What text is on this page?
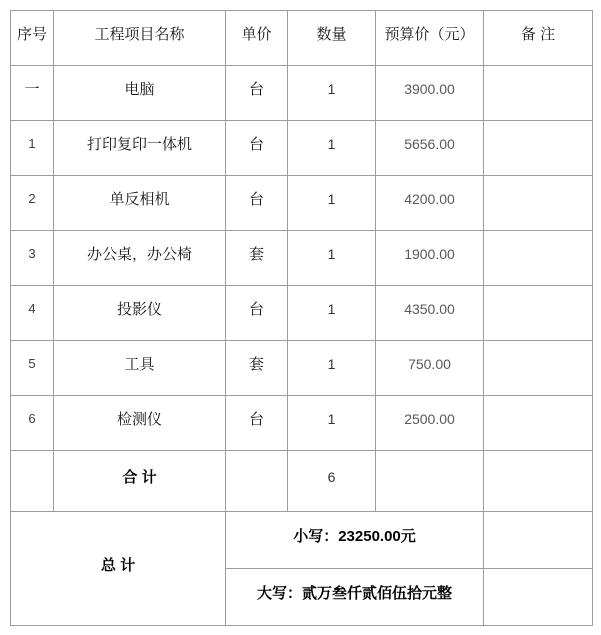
序号	工程项目名称	单价	数量	预算价（元）	备 注
一	电脑	台	1	3900.00	
1	打印复印一体机	台	1	5656.00	
2	单反相机	台	1	4200.00	
3	办公桌，办公椅	套	1	1900.00	
4	投影仪	台	1	4350.00	
5	工具	套	1	750.00	
6	检测仪	台	1	2500.00	
	合 计		6		
总 计		小写：23250.00元			
		大写：贰万叁仟贰佰伍拾元整			
